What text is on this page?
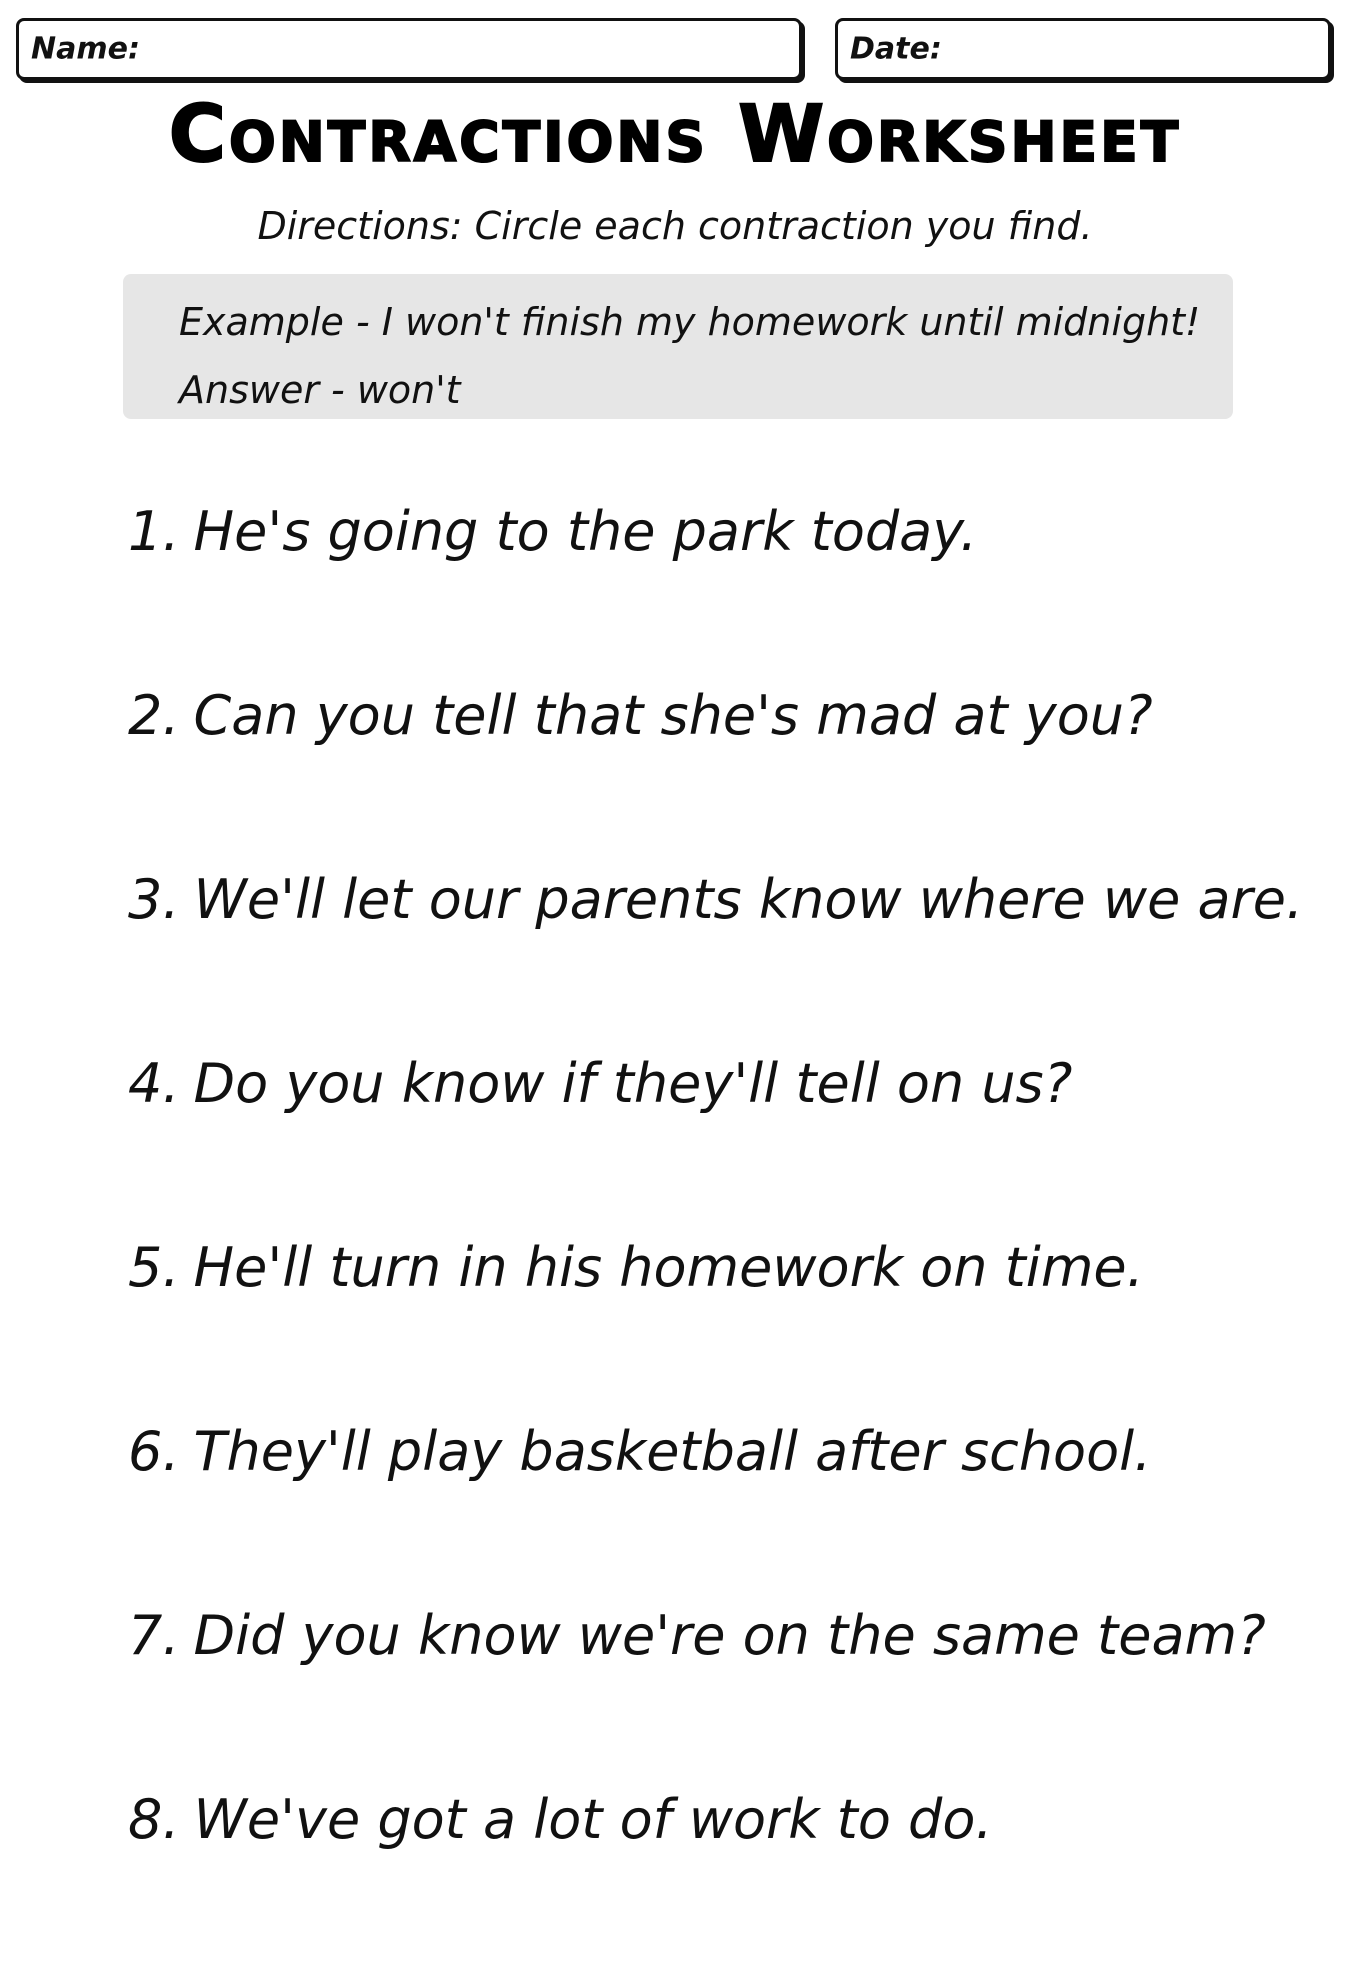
Name:	Date:
Contractions Worksheet
Directions: Circle each contraction you find.
Example - I won't finish my homework until midnight!
Answer - won't
1. He's going to the park today.
2. Can you tell that she's mad at you?
3. We'll let our parents know where we are.
4. Do you know if they'll tell on us?
5. He'll turn in his homework on time.
6. They'll play basketball after school.
7. Did you know we're on the same team?
8. We've got a lot of work to do.
